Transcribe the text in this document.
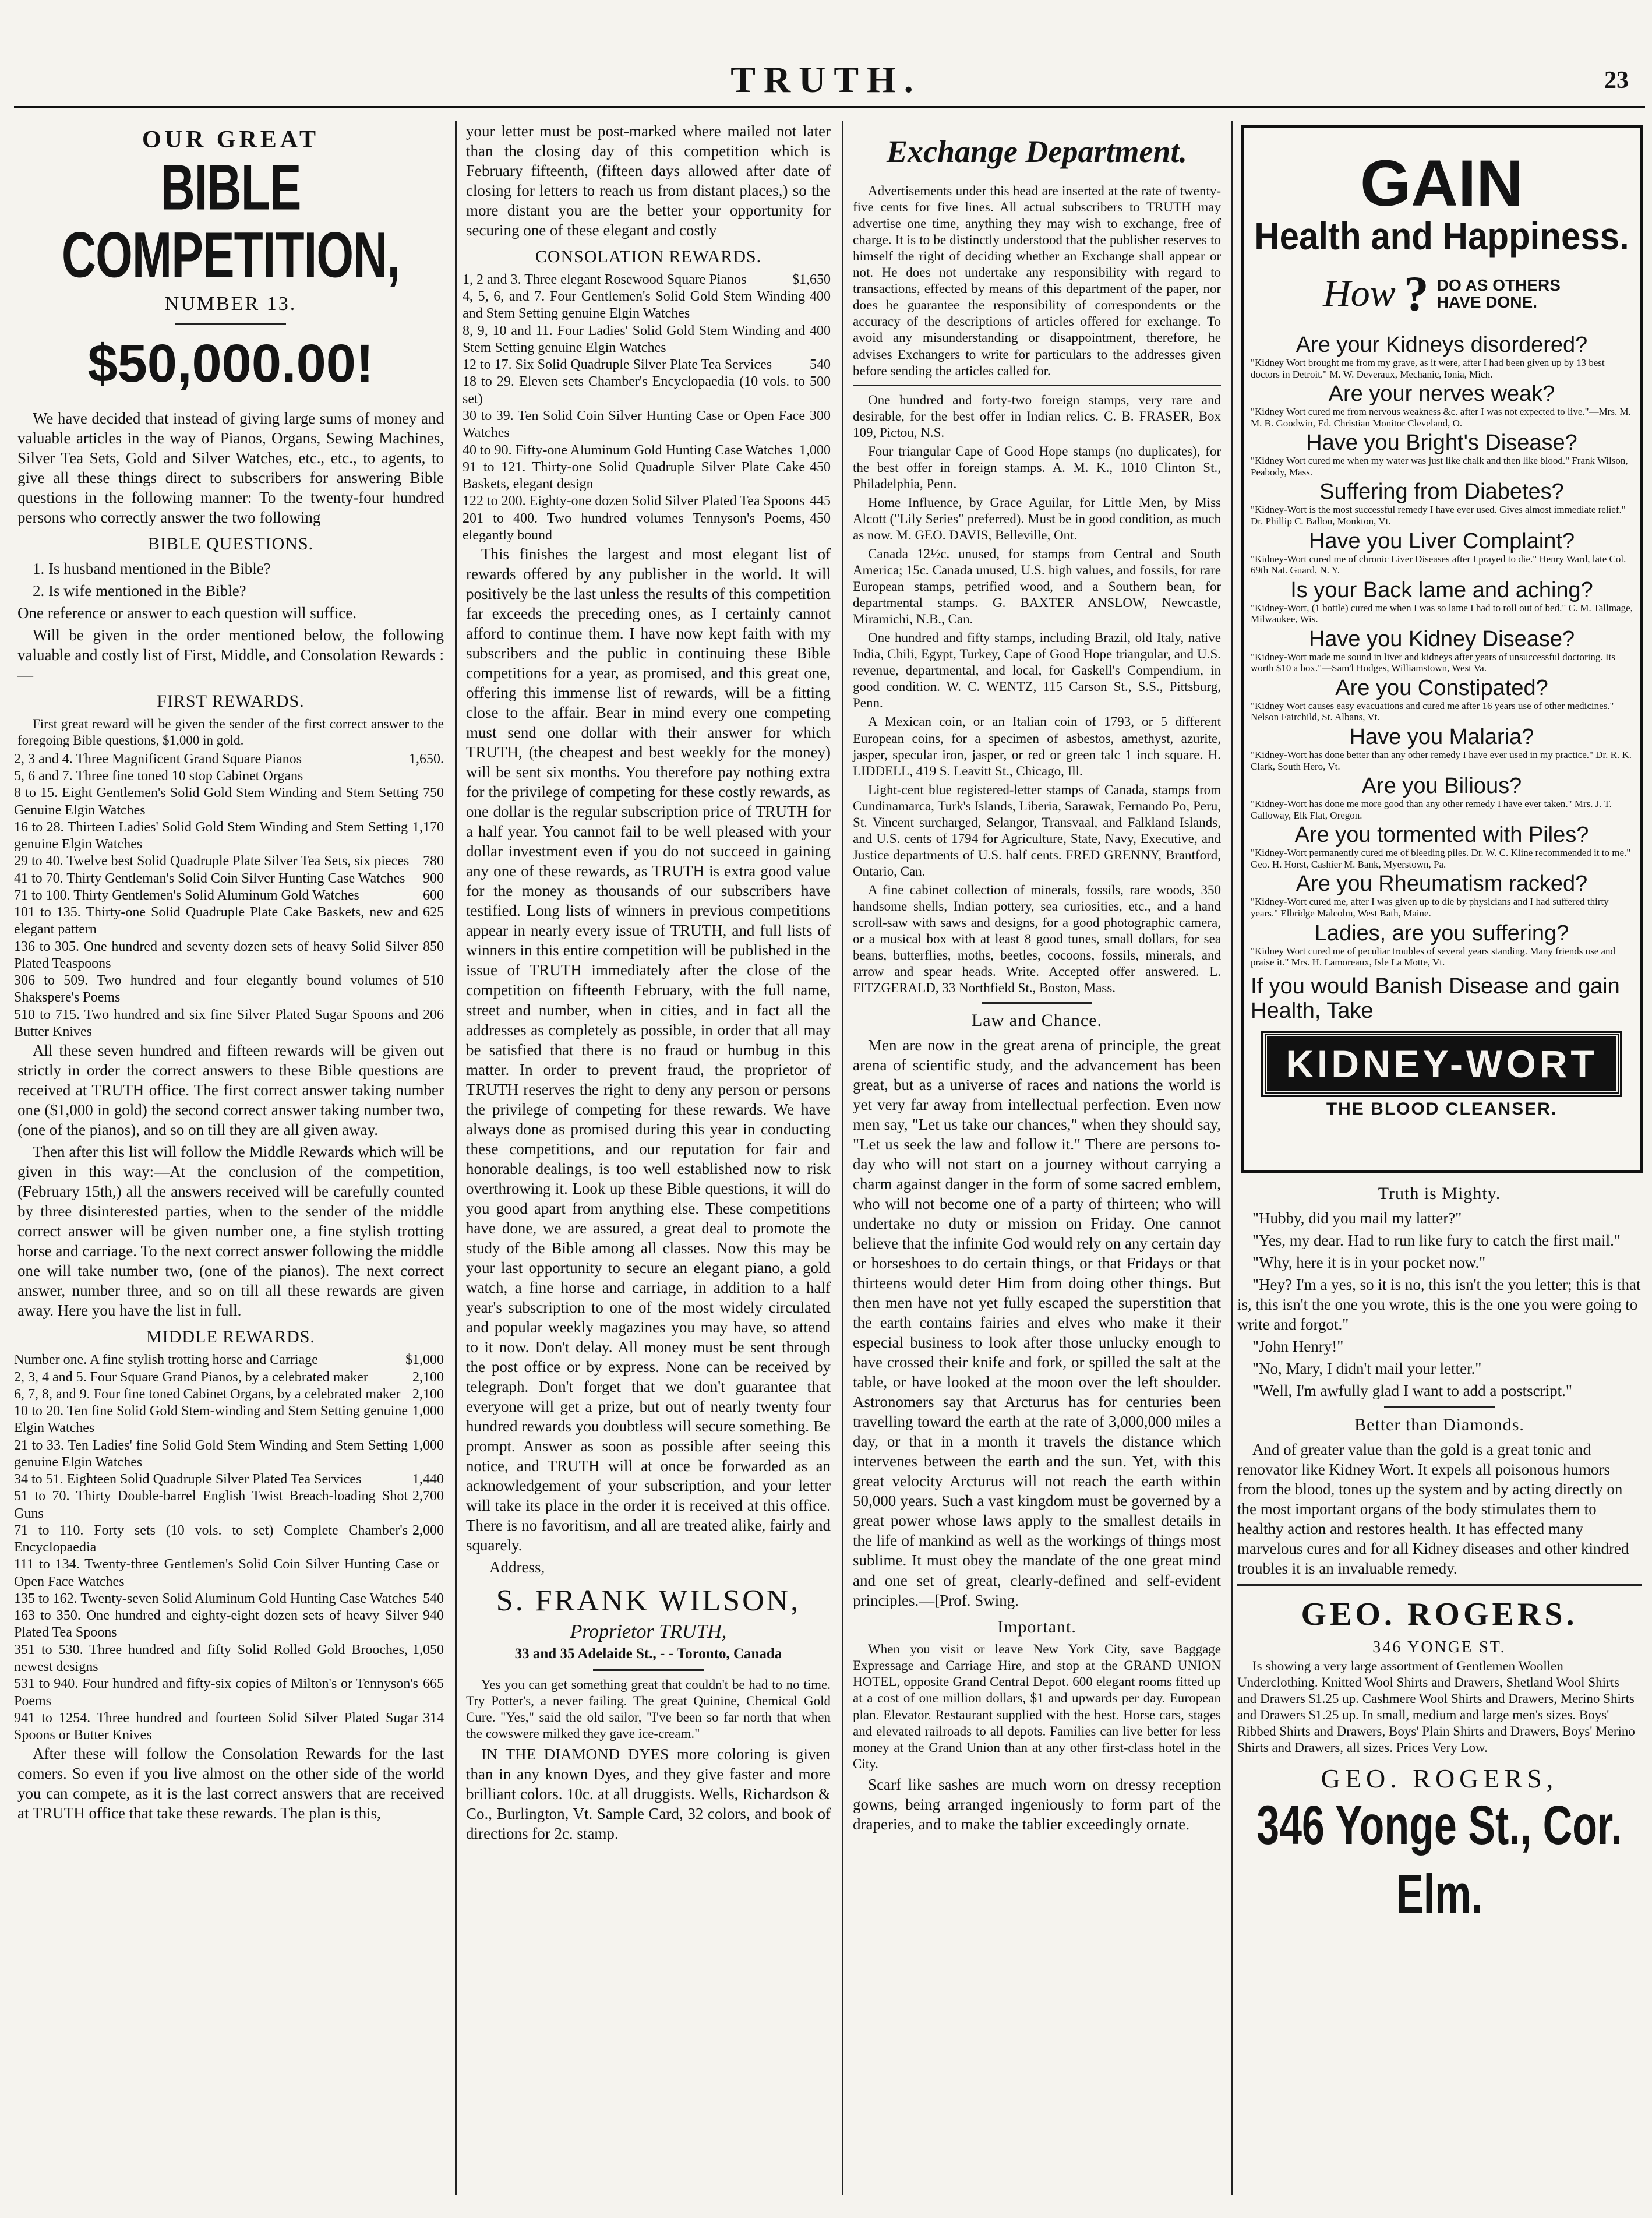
TRUTH.	23
OUR GREAT
BIBLE COMPETITION,
NUMBER 13.
$50,000.00!

We have decided that instead of giving large sums of money and valuable articles in the way of Pianos, Organs, Sewing Machines, Silver Tea Sets, Gold and Silver Watches, etc., etc., to agents, to give all these things direct to subscribers for answering Bible questions in the following manner: To the twenty-four hundred persons who correctly answer the two following

BIBLE QUESTIONS.

1. Is husband mentioned in the Bible?

2. Is wife mentioned in the Bible?

One reference or answer to each question will suffice.

Will be given in the order mentioned below, the following valuable and costly list of First, Middle, and Consolation Rewards :—

FIRST REWARDS.

First great reward will be given the sender of the first correct answer to the foregoing Bible questions, $1,000 in gold.

2, 3 and 4. Three Magnificent Grand Square Pianos	1,650.
5, 6 and 7. Three fine toned 10 stop Cabinet Organs
8 to 15. Eight Gentlemen's Solid Gold Stem Winding and Stem Setting Genuine Elgin Watches
750
16 to 28. Thirteen Ladies' Solid Gold Stem Winding and Stem Setting genuine Elgin Watches
1,170
29 to 40. Twelve best Solid Quadruple Plate Silver Tea Sets, six pieces 780
41 to 70. Thirty Gentleman's Solid Coin Silver Hunting Case Watches	900
71 to 100. Thirty Gentlemen's Solid Aluminum Gold Watches	600
101 to 135. Thirty-one Solid Quadruple Plate Cake Baskets, new and elegant pattern
625
136 to 305. One hundred and seventy dozen sets of heavy Solid Silver Plated Teaspoons
850
306 to 509. Two hundred and four elegantly bound volumes of Shakspere's Poems
510
510 to 715. Two hundred and six fine Silver Plated Sugar Spoons and Butter Knives
206

All these seven hundred and fifteen rewards will be given out strictly in order the correct answers to these Bible questions are received at TRUTH office. The first correct answer taking number one ($1,000 in gold) the second correct answer taking number two, (one of the pianos), and so on till they are all given away.

Then after this list will follow the Middle Rewards which will be given in this way:—At the conclusion of the competition, (February 15th,) all the answers received will be carefully counted by three disinterested parties, when to the sender of the middle correct answer will be given number one, a fine stylish trotting horse and carriage. To the next correct answer following the middle one will take number two, (one of the pianos). The next correct answer, number three, and so on till all these rewards are given away. Here you have the list in full.

MIDDLE REWARDS.
Number one. A fine stylish trotting horse and Carriage	$1,000
2, 3, 4 and 5. Four Square Grand Pianos, by a celebrated maker	2,100
6, 7, 8, and 9. Four fine toned Cabinet Organs, by a celebrated maker 2,100
10 to 20. Ten fine Solid Gold Stem-winding and Stem Setting genuine Elgin Watches
1,000
21 to 33. Ten Ladies' fine Solid Gold Stem Winding and Stem Setting genuine Elgin Watches
1,000
34 to 51. Eighteen Solid Quadruple Silver Plated Tea Services	1,440
51 to 70. Thirty Double-barrel English Twist Breach-loading Shot Guns
2,700
71 to 110. Forty sets (10 vols. to set) Complete Chamber's Encyclopaedia
2,000
111 to 134. Twenty-three Gentlemen's Solid Coin Silver Hunting Case or Open Face Watches
135 to 162. Twenty-seven Solid Aluminum Gold Hunting Case Watches 540
163 to 350. One hundred and eighty-eight dozen sets of heavy Silver Plated Tea Spoons
940
351 to 530. Three hundred and fifty Solid Rolled Gold Brooches, newest designs
1,050
531 to 940. Four hundred and fifty-six copies of Milton's or Tennyson's Poems
665
941 to 1254. Three hundred and fourteen Solid Silver Plated Sugar Spoons or Butter Knives
314

After these will follow the Consolation Rewards for the last comers. So even if you live almost on the other side of the world you can compete, as it is the last correct answers that are received at TRUTH office that take these rewards. The plan is this,

your letter must be post-marked where mailed not later than the closing day of this competition which is February fifteenth, (fifteen days allowed after date of closing for letters to reach us from distant places,) so the more distant you are the better your opportunity for securing one of these elegant and costly

CONSOLATION REWARDS.
1, 2 and 3. Three elegant Rosewood Square Pianos	$1,650
4, 5, 6, and 7. Four Gentlemen's Solid Gold Stem Winding and Stem Setting genuine Elgin Watches
400
8, 9, 10 and 11. Four Ladies' Solid Gold Stem Winding and Stem Setting genuine Elgin Watches
400
12 to 17. Six Solid Quadruple Silver Plate Tea Services	540
18 to 29. Eleven sets Chamber's Encyclopaedia (10 vols. to set)
500
30 to 39. Ten Solid Coin Silver Hunting Case or Open Face Watches
300
40 to 90. Fifty-one Aluminum Gold Hunting Case Watches 1,000
91 to 121. Thirty-one Solid Quadruple Silver Plate Cake Baskets, elegant design
450
122 to 200. Eighty-one dozen Solid Silver Plated Tea Spoons 445
201 to 400. Two hundred volumes Tennyson's Poems, elegantly bound
450

This finishes the largest and most elegant list of rewards offered by any publisher in the world. It will positively be the last unless the results of this competition far exceeds the preceding ones, as I certainly cannot afford to continue them. I have now kept faith with my subscribers and the public in continuing these Bible competitions for a year, as promised, and this great one, offering this immense list of rewards, will be a fitting close to the affair. Bear in mind every one competing must send one dollar with their answer for which TRUTH, (the cheapest and best weekly for the money) will be sent six months. You therefore pay nothing extra for the privilege of competing for these costly rewards, as one dollar is the regular subscription price of TRUTH for a half year. You cannot fail to be well pleased with your dollar investment even if you do not succeed in gaining any one of these rewards, as TRUTH is extra good value for the money as thousands of our subscribers have testified. Long lists of winners in previous competitions appear in nearly every issue of TRUTH, and full lists of winners in this entire competition will be published in the issue of TRUTH immediately after the close of the competition on fifteenth February, with the full name, street and number, when in cities, and in fact all the addresses as completely as possible, in order that all may be satisfied that there is no fraud or humbug in this matter. In order to prevent fraud, the proprietor of TRUTH reserves the right to deny any person or persons the privilege of competing for these rewards. We have always done as promised during this year in conducting these competitions, and our reputation for fair and honorable dealings, is too well established now to risk overthrowing it. Look up these Bible questions, it will do you good apart from anything else. These competitions have done, we are assured, a great deal to promote the study of the Bible among all classes. Now this may be your last opportunity to secure an elegant piano, a gold watch, a fine horse and carriage, in addition to a half year's subscription to one of the most widely circulated and popular weekly magazines you may have, so attend to it now. Don't delay. All money must be sent through the post office or by express. None can be received by telegraph. Don't forget that we don't guarantee that everyone will get a prize, but out of nearly twenty four hundred rewards you doubtless will secure something. Be prompt. Answer as soon as possible after seeing this notice, and TRUTH will at once be forwarded as an acknowledgement of your subscription, and your letter will take its place in the order it is received at this office. There is no favoritism, and all are treated alike, fairly and squarely.

Address,

S. FRANK WILSON,
Proprietor TRUTH,
33 and 35 Adelaide St., - - Toronto, Canada

Yes you can get something great that couldn't be had to no time. Try Potter's, a never failing. The great Quinine, Chemical Gold Cure. "Yes," said the old sailor, "I've been so far north that when the cowswere milked they gave ice-cream."

IN THE DIAMOND DYES more coloring is given than in any known Dyes, and they give faster and more brilliant colors. 10c. at all druggists. Wells, Richardson & Co., Burlington, Vt. Sample Card, 32 colors, and book of directions for 2c. stamp.

Exchange Department.

Advertisements under this head are inserted at the rate of twenty-five cents for five lines. All actual subscribers to TRUTH may advertise one time, anything they may wish to exchange, free of charge. It is to be distinctly understood that the publisher reserves to himself the right of deciding whether an Exchange shall appear or not. He does not undertake any responsibility with regard to transactions, effected by means of this department of the paper, nor does he guarantee the responsibility of correspondents or the accuracy of the descriptions of articles offered for exchange. To avoid any misunderstanding or disappointment, therefore, he advises Exchangers to write for particulars to the addresses given before sending the articles called for.

One hundred and forty-two foreign stamps, very rare and desirable, for the best offer in Indian relics. C. B. FRASER, Box 109, Pictou, N.S.

Four triangular Cape of Good Hope stamps (no duplicates), for the best offer in foreign stamps. A. M. K., 1010 Clinton St., Philadelphia, Penn.

Home Influence, by Grace Aguilar, for Little Men, by Miss Alcott ("Lily Series" preferred). Must be in good condition, as much as now. M. GEO. DAVIS, Belleville, Ont.

Canada 12½c. unused, for stamps from Central and South America; 15c. Canada unused, U.S. high values, and fossils, for rare European stamps, petrified wood, and a Southern bean, for departmental stamps. G. BAXTER ANSLOW, Newcastle, Miramichi, N.B., Can.

One hundred and fifty stamps, including Brazil, old Italy, native India, Chili, Egypt, Turkey, Cape of Good Hope triangular, and U.S. revenue, departmental, and local, for Gaskell's Compendium, in good condition. W. C. WENTZ, 115 Carson St., S.S., Pittsburg, Penn.

A Mexican coin, or an Italian coin of 1793, or 5 different European coins, for a specimen of asbestos, amethyst, azurite, jasper, specular iron, jasper, or red or green talc 1 inch square. H. LIDDELL, 419 S. Leavitt St., Chicago, Ill.

Light-cent blue registered-letter stamps of Canada, stamps from Cundinamarca, Turk's Islands, Liberia, Sarawak, Fernando Po, Peru, St. Vincent surcharged, Selangor, Transvaal, and Falkland Islands, and U.S. cents of 1794 for Agriculture, State, Navy, Executive, and Justice departments of U.S. half cents. FRED GRENNY, Brantford, Ontario, Can.

A fine cabinet collection of minerals, fossils, rare woods, 350 handsome shells, Indian pottery, sea curiosities, etc., and a hand scroll-saw with saws and designs, for a good photographic camera, or a musical box with at least 8 good tunes, small dollars, for sea beans, butterflies, moths, beetles, cocoons, fossils, minerals, and arrow and spear heads. Write. Accepted offer answered. L. FITZGERALD, 33 Northfield St., Boston, Mass.

Law and Chance.

Men are now in the great arena of principle, the great arena of scientific study, and the advancement has been great, but as a universe of races and nations the world is yet very far away from intellectual perfection. Even now men say, "Let us take our chances," when they should say, "Let us seek the law and follow it." There are persons to-day who will not start on a journey without carrying a charm against danger in the form of some sacred emblem, who will not become one of a party of thirteen; who will undertake no duty or mission on Friday. One cannot believe that the infinite God would rely on any certain day or horseshoes to do certain things, or that Fridays or that thirteens would deter Him from doing other things. But then men have not yet fully escaped the superstition that the earth contains fairies and elves who make it their especial business to look after those unlucky enough to have crossed their knife and fork, or spilled the salt at the table, or have looked at the moon over the left shoulder. Astronomers say that Arcturus has for centuries been travelling toward the earth at the rate of 3,000,000 miles a day, or that in a month it travels the distance which intervenes between the earth and the sun. Yet, with this great velocity Arcturus will not reach the earth within 50,000 years. Such a vast kingdom must be governed by a great power whose laws apply to the smallest details in the life of mankind as well as the workings of things most sublime. It must obey the mandate of the one great mind and one set of great, clearly-defined and self-evident principles.—[Prof. Swing.

Important.

When you visit or leave New York City, save Baggage Expressage and Carriage Hire, and stop at the GRAND UNION HOTEL, opposite Grand Central Depot. 600 elegant rooms fitted up at a cost of one million dollars, $1 and upwards per day. European plan. Elevator. Restaurant supplied with the best. Horse cars, stages and elevated railroads to all depots. Families can live better for less money at the Grand Union than at any other first-class hotel in the City.

Scarf like sashes are much worn on dressy reception gowns, being arranged ingeniously to form part of the draperies, and to make the tablier exceedingly ornate.

GAIN
Health and Happiness.
How ? DO AS OTHERS
HAVE DONE.
Are your Kidneys disordered?
"Kidney Wort brought me from my grave, as it were, after I had been given up by 13 best doctors in Detroit." M. W. Deveraux, Mechanic, Ionia, Mich.
Are your nerves weak?
"Kidney Wort cured me from nervous weakness &c. after I was not expected to live."—Mrs. M. M. B. Goodwin, Ed. Christian Monitor Cleveland, O.
Have you Bright's Disease?
"Kidney Wort cured me when my water was just like chalk and then like blood." Frank Wilson, Peabody, Mass.
Suffering from Diabetes?
"Kidney-Wort is the most successful remedy I have ever used. Gives almost immediate relief." Dr. Phillip C. Ballou, Monkton, Vt.
Have you Liver Complaint?
"Kidney-Wort cured me of chronic Liver Diseases after I prayed to die." Henry Ward, late Col. 69th Nat. Guard, N. Y.
Is your Back lame and aching?
"Kidney-Wort, (1 bottle) cured me when I was so lame I had to roll out of bed." C. M. Tallmage, Milwaukee, Wis.
Have you Kidney Disease?
"Kidney-Wort made me sound in liver and kidneys after years of unsuccessful doctoring. Its worth $10 a box."—Sam'l Hodges, Williamstown, West Va.
Are you Constipated?
"Kidney Wort causes easy evacuations and cured me after 16 years use of other medicines." Nelson Fairchild, St. Albans, Vt.
Have you Malaria?
"Kidney-Wort has done better than any other remedy I have ever used in my practice." Dr. R. K. Clark, South Hero, Vt.
Are you Bilious?
"Kidney-Wort has done me more good than any other remedy I have ever taken." Mrs. J. T. Galloway, Elk Flat, Oregon.
Are you tormented with Piles?
"Kidney-Wort permanently cured me of bleeding piles. Dr. W. C. Kline recommended it to me." Geo. H. Horst, Cashier M. Bank, Myerstown, Pa.
Are you Rheumatism racked?
"Kidney-Wort cured me, after I was given up to die by physicians and I had suffered thirty years." Elbridge Malcolm, West Bath, Maine.
Ladies, are you suffering?
"Kidney Wort cured me of peculiar troubles of several years standing. Many friends use and praise it." Mrs. H. Lamoreaux, Isle La Motte, Vt.
If you would Banish Disease and gain Health, Take
KIDNEY-WORT
THE BLOOD CLEANSER.
Truth is Mighty.

"Hubby, did you mail my latter?"

"Yes, my dear. Had to run like fury to catch the first mail."

"Why, here it is in your pocket now."

"Hey? I'm a yes, so it is no, this isn't the you letter; this is that is, this isn't the one you wrote, this is the one you were going to write and forgot."

"John Henry!"

"No, Mary, I didn't mail your letter."

"Well, I'm awfully glad I want to add a postscript."

Better than Diamonds.

And of greater value than the gold is a great tonic and renovator like Kidney Wort. It expels all poisonous humors from the blood, tones up the system and by acting directly on the most important organs of the body stimulates them to healthy action and restores health. It has effected many marvelous cures and for all Kidney diseases and other kindred troubles it is an invaluable remedy.

GEO. ROGERS.
346 YONGE ST.

Is showing a very large assortment of Gentlemen Woollen Underclothing. Knitted Wool Shirts and Drawers, Shetland Wool Shirts and Drawers $1.25 up. Cashmere Wool Shirts and Drawers, Merino Shirts and Drawers $1.25 up. In small, medium and large men's sizes. Boys' Ribbed Shirts and Drawers, Boys' Plain Shirts and Drawers, Boys' Merino Shirts and Drawers, all sizes. Prices Very Low.

GEO. ROGERS,
346 Yonge St., Cor. Elm.
